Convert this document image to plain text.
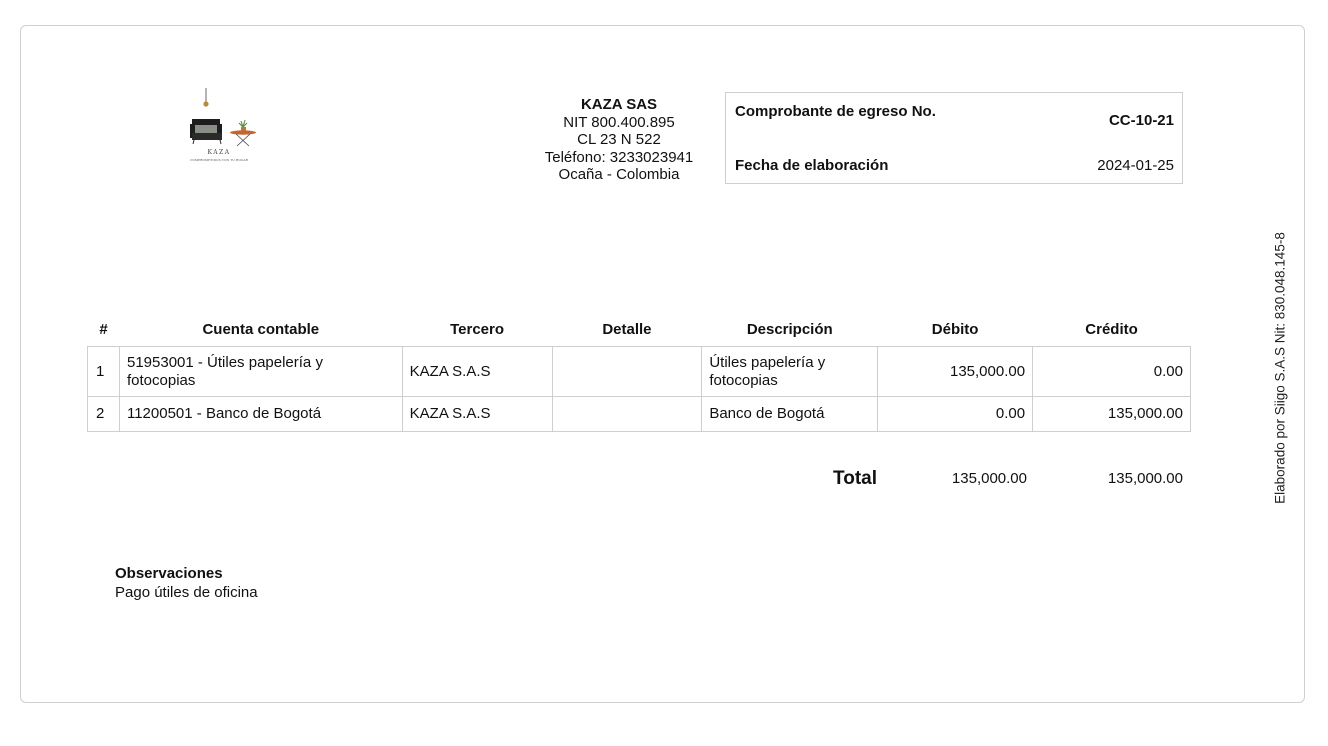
KAZA
COMPROMETIDOS CON TU HOGAR
KAZA SAS
NIT 800.400.895
CL 23 N 522
Teléfono: 3233023941
Ocaña - Colombia
Comprobante de egreso No.
CC-10-21
Fecha de elaboración	2024-01-25
Elaborado por Siigo S.A.S Nit: 830.048.145-8
#	Cuenta contable	Tercero	Detalle	Descripción	Débito	Crédito
1	51953001 - Útiles papelería y fotocopias	KAZA S.A.S		Útiles papelería y fotocopias	135,000.00	0.00
2	11200501 - Banco de Bogotá	KAZA S.A.S		Banco de Bogotá	0.00	135,000.00
Total	135,000.00	135,000.00
Observaciones
Pago útiles de oficina
